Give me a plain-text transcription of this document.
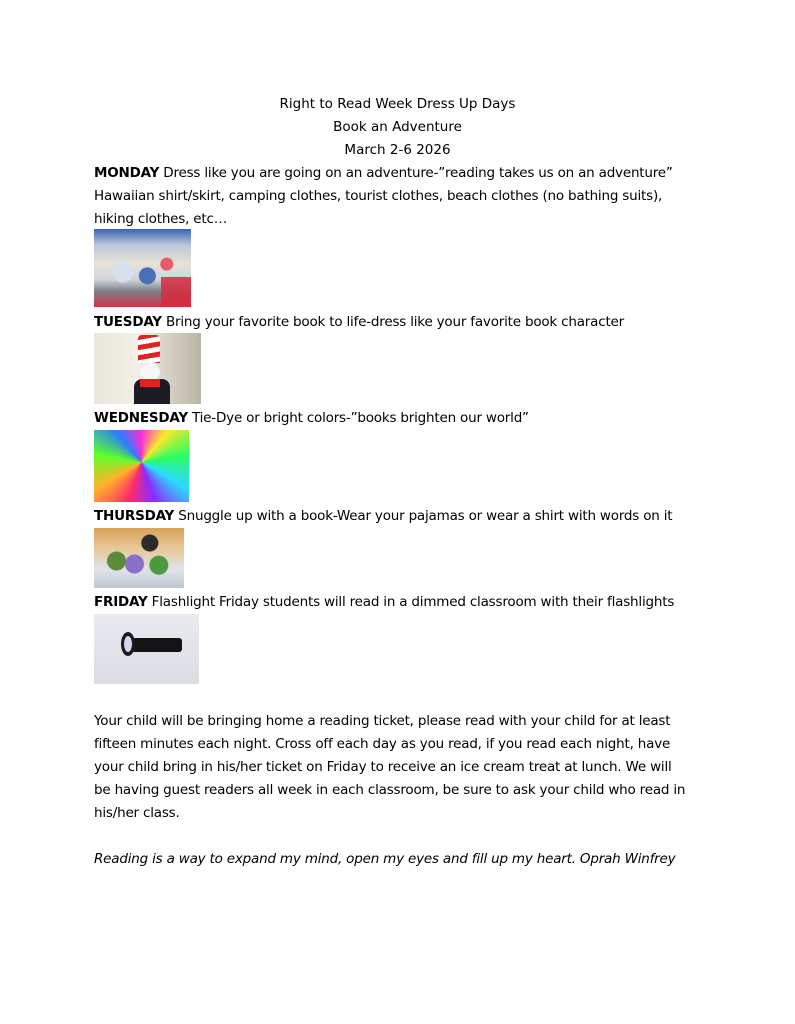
Right to Read Week Dress Up Days
Book an Adventure
March 2-6 2026
MONDAY Dress like you are going on an adventure-”reading takes us on an adventure”
Hawaiian shirt/skirt, camping clothes, tourist clothes, beach clothes (no bathing suits),
hiking clothes, etc…
TUESDAY Bring your favorite book to life-dress like your favorite book character
WEDNESDAY Tie-Dye or bright colors-”books brighten our world”
THURSDAY Snuggle up with a book-Wear your pajamas or wear a shirt with words on it
FRIDAY Flashlight Friday students will read in a dimmed classroom with their flashlights
Your child will be bringing home a reading ticket, please read with your child for at least
fifteen minutes each night. Cross off each day as you read, if you read each night, have
your child bring in his/her ticket on Friday to receive an ice cream treat at lunch. We will
be having guest readers all week in each classroom, be sure to ask your child who read in
his/her class.
Reading is a way to expand my mind, open my eyes and fill up my heart. Oprah Winfrey
